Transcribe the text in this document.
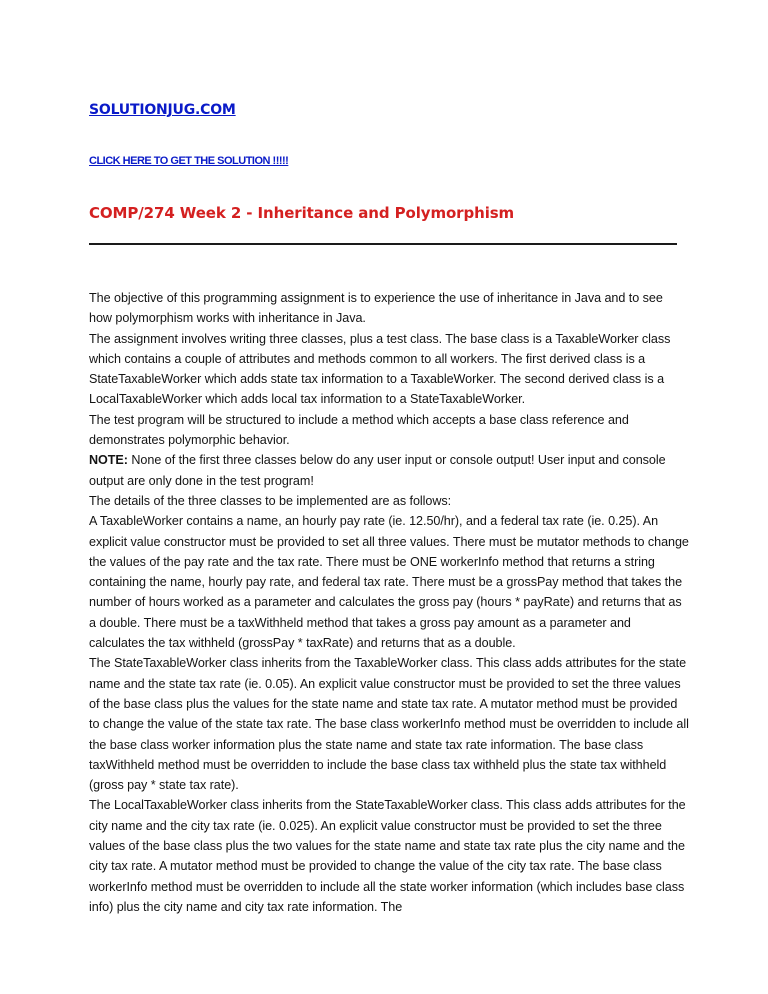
SOLUTIONJUG.COM
CLICK HERE TO GET THE SOLUTION !!!!!
COMP/274 Week 2 - Inheritance and Polymorphism

The objective of this programming assignment is to experience the use of inheritance in Java and to see how polymorphism works with inheritance in Java.

The assignment involves writing three classes, plus a test class. The base class is a TaxableWorker class which contains a couple of attributes and methods common to all workers. The first derived class is a StateTaxableWorker which adds state tax information to a TaxableWorker. The second derived class is a LocalTaxableWorker which adds local tax information to a StateTaxableWorker.

The test program will be structured to include a method which accepts a base class reference and demonstrates polymorphic behavior.

NOTE: None of the first three classes below do any user input or console output! User input and console output are only done in the test program!

The details of the three classes to be implemented are as follows:

A TaxableWorker contains a name, an hourly pay rate (ie. 12.50/hr), and a federal tax rate (ie. 0.25). An explicit value constructor must be provided to set all three values. There must be mutator methods to change the values of the pay rate and the tax rate. There must be ONE workerInfo method that returns a string containing the name, hourly pay rate, and federal tax rate. There must be a grossPay method that takes the number of hours worked as a parameter and calculates the gross pay (hours * payRate) and returns that as a double. There must be a taxWithheld method that takes a gross pay amount as a parameter and calculates the tax withheld (grossPay * taxRate) and returns that as a double.

The StateTaxableWorker class inherits from the TaxableWorker class. This class adds attributes for the state name and the state tax rate (ie. 0.05). An explicit value constructor must be provided to set the three values of the base class plus the values for the state name and state tax rate. A mutator method must be provided to change the value of the state tax rate. The base class workerInfo method must be overridden to include all the base class worker information plus the state name and state tax rate information. The base class taxWithheld method must be overridden to include the base class tax withheld plus the state tax withheld (gross pay * state tax rate).

The LocalTaxableWorker class inherits from the StateTaxableWorker class. This class adds attributes for the city name and the city tax rate (ie. 0.025). An explicit value constructor must be provided to set the three values of the base class plus the two values for the state name and state tax rate plus the city name and the city tax rate. A mutator method must be provided to change the value of the city tax rate. The base class workerInfo method must be overridden to include all the state worker information (which includes base class info) plus the city name and city tax rate information. The
